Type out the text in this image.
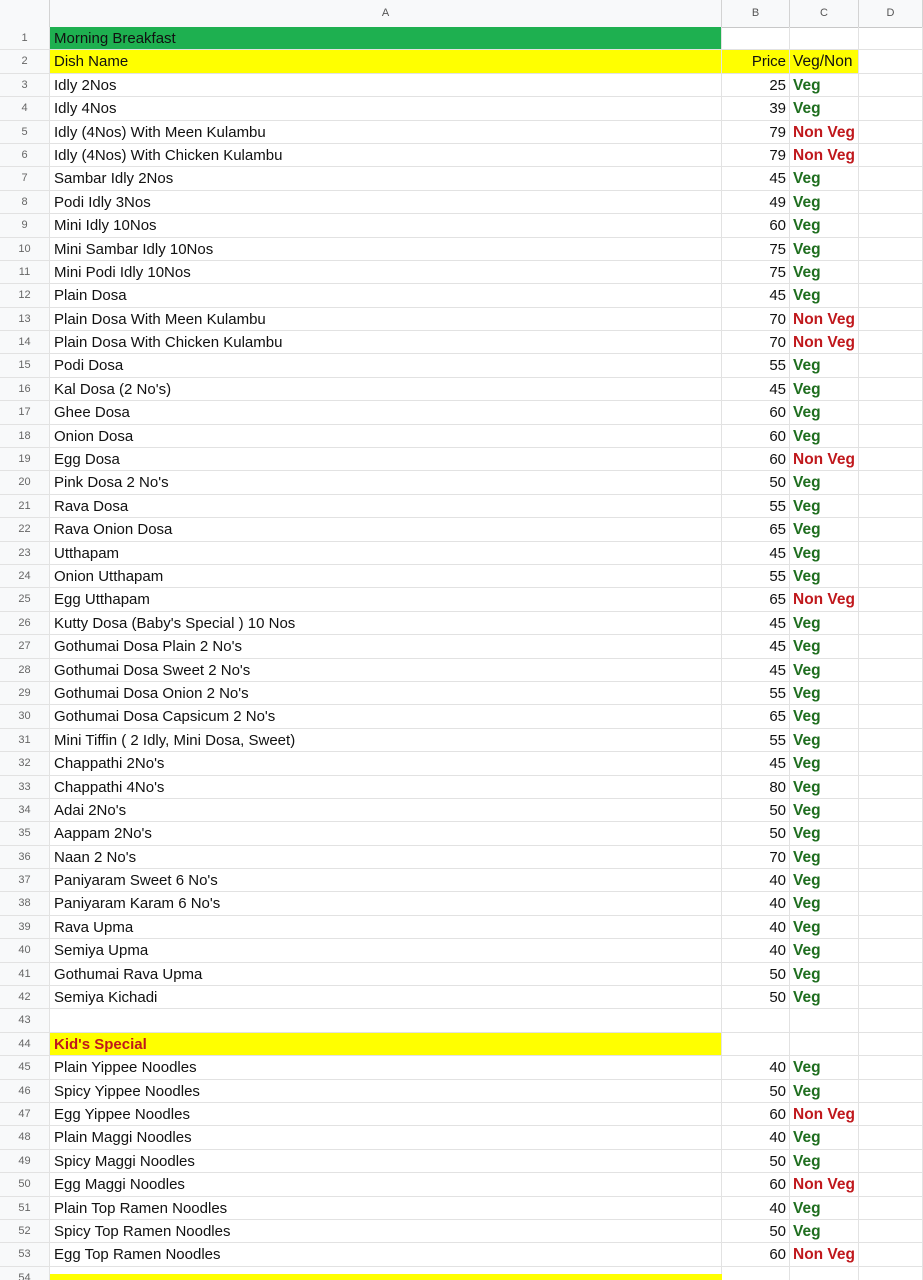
A	B	C	D
1	Morning Breakfast
2	Dish Name	Price Veg/Non
3	Idly 2Nos	25 Veg
4	Idly 4Nos	39 Veg
5	Idly (4Nos) With Meen Kulambu	79 Non Veg
6	Idly (4Nos) With Chicken Kulambu	79 Non Veg
7	Sambar Idly 2Nos	45 Veg
8	Podi Idly 3Nos	49 Veg
9	Mini Idly 10Nos	60 Veg
10	Mini Sambar Idly 10Nos	75 Veg
11	Mini Podi Idly 10Nos	75 Veg
12	Plain Dosa	45 Veg
13	Plain Dosa With Meen Kulambu	70 Non Veg
14	Plain Dosa With Chicken Kulambu	70 Non Veg
15	Podi Dosa	55 Veg
16	Kal Dosa (2 No's)	45 Veg
17	Ghee Dosa	60 Veg
18	Onion Dosa	60 Veg
19	Egg Dosa	60 Non Veg
20	Pink Dosa 2 No's	50 Veg
21	Rava Dosa	55 Veg
22	Rava Onion Dosa	65 Veg
23	Utthapam	45 Veg
24	Onion Utthapam	55 Veg
25	Egg Utthapam	65 Non Veg
26	Kutty Dosa (Baby's Special ) 10 Nos	45 Veg
27	Gothumai Dosa Plain 2 No's	45 Veg
28	Gothumai Dosa Sweet 2 No's	45 Veg
29	Gothumai Dosa Onion 2 No's	55 Veg
30	Gothumai Dosa Capsicum 2 No's	65 Veg
31	Mini Tiffin ( 2 Idly, Mini Dosa, Sweet)	55 Veg
32	Chappathi 2No's	45 Veg
33	Chappathi 4No's	80 Veg
34	Adai 2No's	50 Veg
35	Aappam 2No's	50 Veg
36	Naan 2 No's	70 Veg
37	Paniyaram Sweet 6 No's	40 Veg
38	Paniyaram Karam 6 No's	40 Veg
39	Rava Upma	40 Veg
40	Semiya Upma	40 Veg
41	Gothumai Rava Upma	50 Veg
42	Semiya Kichadi	50 Veg
43
44	Kid's Special
45	Plain Yippee Noodles	40 Veg
46	Spicy Yippee Noodles	50 Veg
47	Egg Yippee Noodles	60 Non Veg
48	Plain Maggi Noodles	40 Veg
49	Spicy Maggi Noodles	50 Veg
50	Egg Maggi Noodles	60 Non Veg
51	Plain Top Ramen Noodles	40 Veg
52	Spicy Top Ramen Noodles	50 Veg
53	Egg Top Ramen Noodles	60 Non Veg
54
